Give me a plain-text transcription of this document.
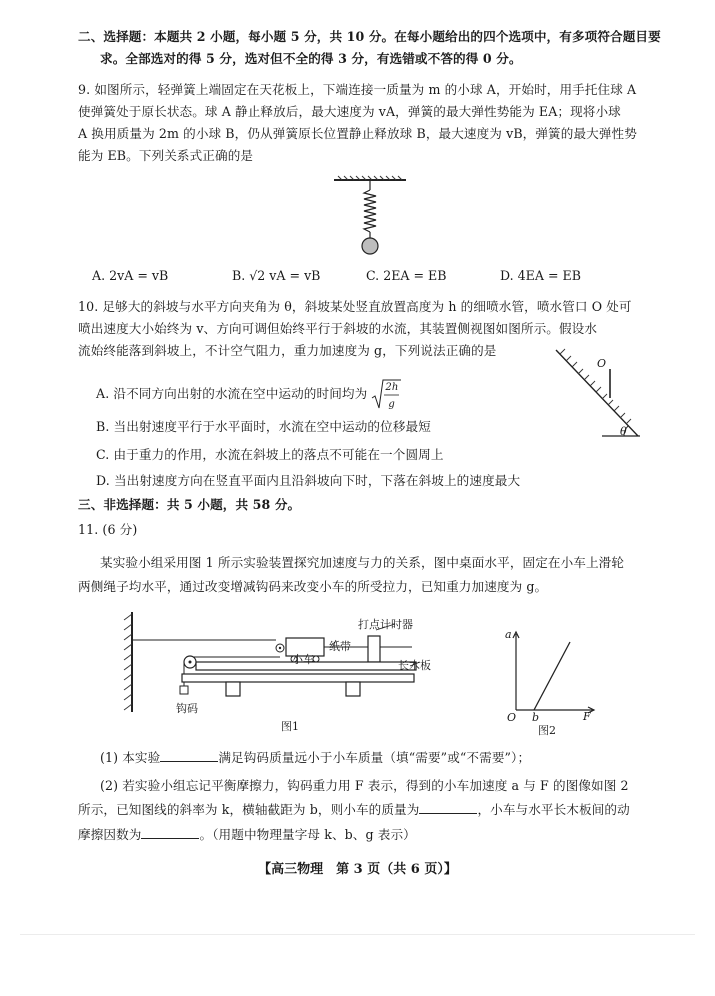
二、选择题：本题共 2 小题，每小题 5 分，共 10 分。在每小题给出的四个选项中，有多项符合题目要
求。全部选对的得 5 分，选对但不全的得 3 分，有选错或不答的得 0 分。
9. 如图所示，轻弹簧上端固定在天花板上，下端连接一质量为 m 的小球 A，开始时，用手托住球 A
使弹簧处于原长状态。球 A 静止释放后，最大速度为 vA，弹簧的最大弹性势能为 EA；现将小球
A 换用质量为 2m 的小球 B，仍从弹簧原长位置静止释放球 B，最大速度为 vB，弹簧的最大弹性势
能为 EB。下列关系式正确的是
A. 2vA = vB	B. √2 vA = vB	C. 2EA = EB	D. 4EA = EB
10. 足够大的斜坡与水平方向夹角为 θ，斜坡某处竖直放置高度为 h 的细喷水管，喷水管口 O 处可
喷出速度大小始终为 v、方向可调但始终平行于斜坡的水流，其装置侧视图如图所示。假设水
流始终能落到斜坡上，不计空气阻力，重力加速度为 g，下列说法正确的是
O
θ
A. 沿不同方向出射的水流在空中运动的时间均为 2h
g
B. 当出射速度平行于水平面时，水流在空中运动的位移最短
C. 由于重力的作用，水流在斜坡上的落点不可能在一个圆周上
D. 当出射速度方向在竖直平面内且沿斜坡向下时，下落在斜坡上的速度最大
三、非选择题：共 5 小题，共 58 分。
11. (6 分)
某实验小组采用图 1 所示实验装置探究加速度与力的关系，图中桌面水平，固定在小车上滑轮
两侧绳子均水平，通过改变增减钩码来改变小车的所受拉力，已知重力加速度为 g。
小车
纸带
打点计时器
长木板
钩码
图1
a
F
O b
图2
(1) 本实验	满足钩码质量远小于小车质量（填“需要”或“不需要”）；
(2) 若实验小组忘记平衡摩擦力，钩码重力用 F 表示，得到的小车加速度 a 与 F 的图像如图 2
所示，已知图线的斜率为 k，横轴截距为 b，则小车的质量为	，小车与水平长木板间的动
摩擦因数为	。（用题中物理量字母 k、b、g 表示）
【高三物理　第 3 页（共 6 页）】
